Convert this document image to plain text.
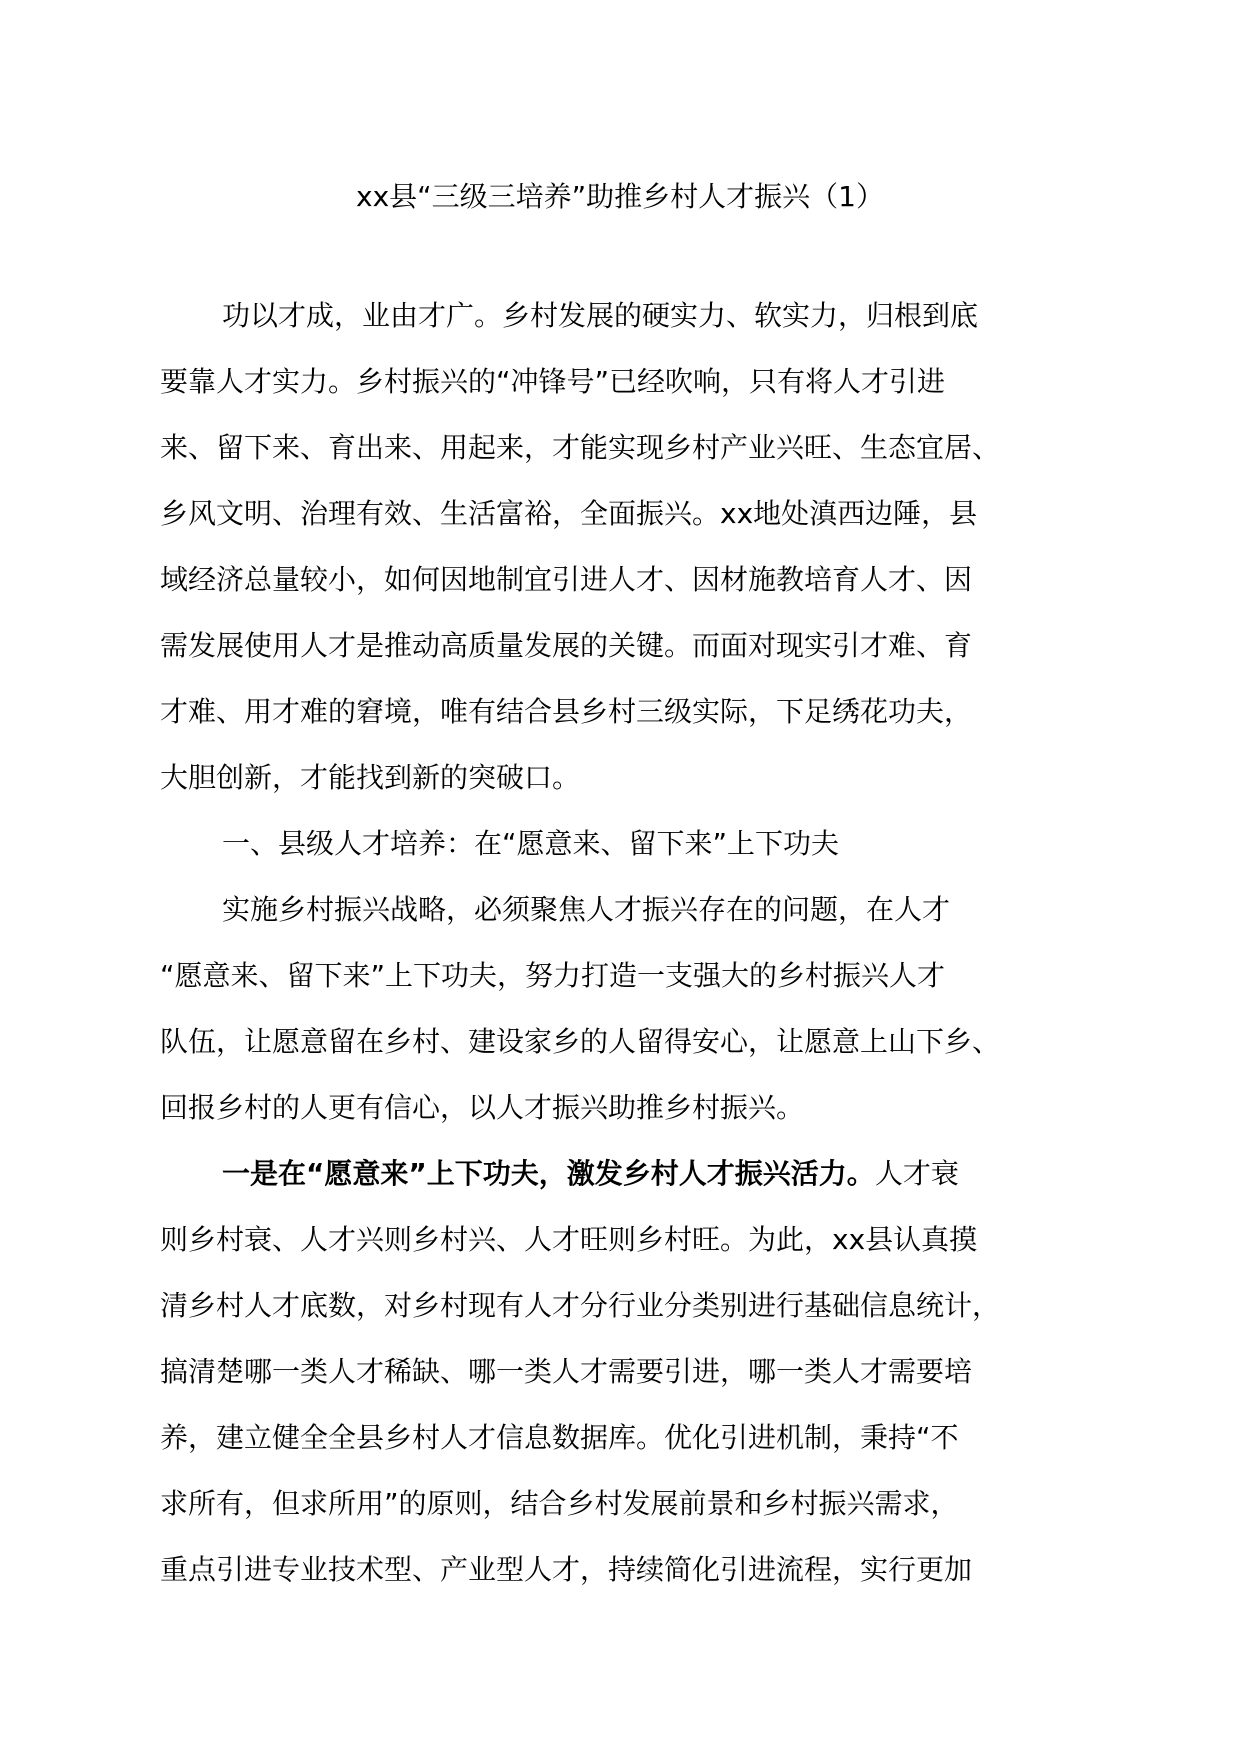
xx县“三级三培养”助推乡村人才振兴（1）
功以才成，业由才广。乡村发展的硬实力、软实力，归根到底
要靠人才实力。乡村振兴的“冲锋号”已经吹响，只有将人才引进
来、留下来、育出来、用起来，才能实现乡村产业兴旺、生态宜居、
乡风文明、治理有效、生活富裕，全面振兴。xx地处滇西边陲，县
域经济总量较小，如何因地制宜引进人才、因材施教培育人才、因
需发展使用人才是推动高质量发展的关键。而面对现实引才难、育
才难、用才难的窘境，唯有结合县乡村三级实际，下足绣花功夫，
大胆创新，才能找到新的突破口。
一、县级人才培养：在“愿意来、留下来”上下功夫
实施乡村振兴战略，必须聚焦人才振兴存在的问题，在人才
“愿意来、留下来”上下功夫，努力打造一支强大的乡村振兴人才
队伍，让愿意留在乡村、建设家乡的人留得安心，让愿意上山下乡、
回报乡村的人更有信心，以人才振兴助推乡村振兴。
一是在“愿意来”上下功夫，激发乡村人才振兴活力。人才衰
则乡村衰、人才兴则乡村兴、人才旺则乡村旺。为此，xx县认真摸
清乡村人才底数，对乡村现有人才分行业分类别进行基础信息统计，
搞清楚哪一类人才稀缺、哪一类人才需要引进，哪一类人才需要培
养，建立健全全县乡村人才信息数据库。优化引进机制，秉持“不
求所有，但求所用”的原则，结合乡村发展前景和乡村振兴需求，
重点引进专业技术型、产业型人才，持续简化引进流程，实行更加
